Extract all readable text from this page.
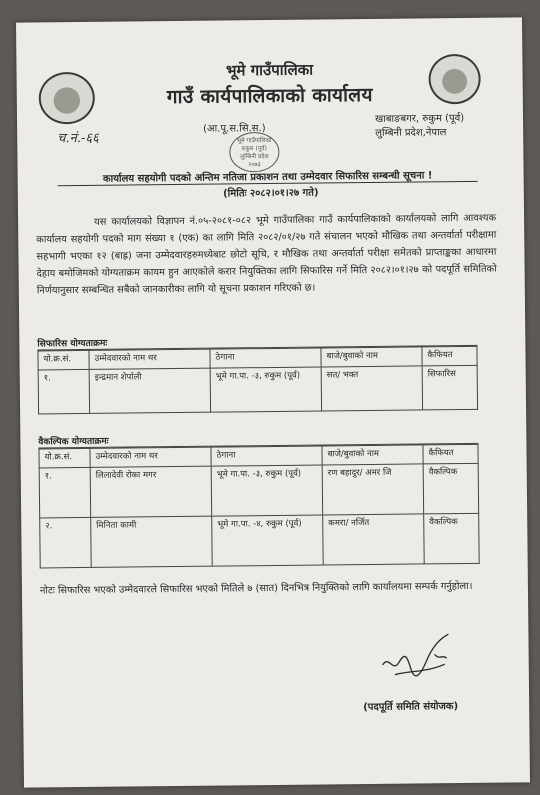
भूमे गाउँपालिका
गाउँ कार्यपालिकाको कार्यालय
च.नं.-६६
(आ.पू.स.सि.स.)
भूमे गाउँपालिका
रुकुम (पूर्व)
लुम्बिनी प्रदेश
२०७३
खाबाङबगर, रुकुम (पूर्व)
लुम्बिनी प्रदेश,नेपाल
कार्यालय सहयोगी पदको अन्तिम नतिजा प्रकाशन तथा उम्मेदवार सिफारिस सम्बन्धी सूचना !
(मितिः २०८२।०१।२७ गते)
यस कार्यालयको विज्ञापन नं.०५-२०८१-०८२ भूमे गाउँपालिका गाउँ कार्यपालिकाको कार्यालयको लागि आवश्यक कार्यालय सहयोगी पदको माग संख्या १ (एक) का लागि मिति २०८२/०१/२७ गते संचालन भएको मौखिक तथा अन्तर्वार्ता परीक्षामा सहभागी भएका १२ (बाह्र) जना उम्मेदवारहरुमध्येबाट छोटो सूचि, र मौखिक तथा अन्तर्वार्ता परीक्षा समेतको प्राप्ताङ्कका आधारमा देहाय बमोजिमको योग्यताक्रम कायम हुन आएकोले करार नियुक्तिका लागि सिफारिस गर्ने मिति २०८२।०१।२७ को पदपूर्ति समितिको निर्णयानुसार सम्बन्धित सबैको जानकारीका लागि यो सूचना प्रकाशन गरिएको छ।
सिफारिस योग्यताक्रमः
यो.क्र.सं.	उम्मेदवारको नाम थर	ठेगाना	बाजे/बुवाको नाम	कैफियत
१.	इन्द्रमान शेर्पाली	भूमे गा.पा. -३, रुकुम (पूर्व)	सत/ भक्त	सिफारिस
वैकल्पिक योग्यताक्रमः
यो.क्र.सं.	उम्मेदवारको नाम थर	ठेगाना	बाजे/बुवाको नाम	कैफियत
१.	लिलादेवी रोका मगर	भूमे गा.पा. -३, रुकुम (पूर्व)	रण बहादुर/ अमर जि	वैकल्पिक
२.	मिनिता कामी	भूमे गा.पा. -४, रुकुम (पूर्व)	कमरा/ नर्जित	वैकल्पिक
नोटः सिफारिस भएको उम्मेदवारले सिफारिस भएको मितिले ७ (सात) दिनभित्र नियुक्तिको लागि कार्यालयमा सम्पर्क गर्नुहोला।
(पदपूर्ति समिति संयोजक)
